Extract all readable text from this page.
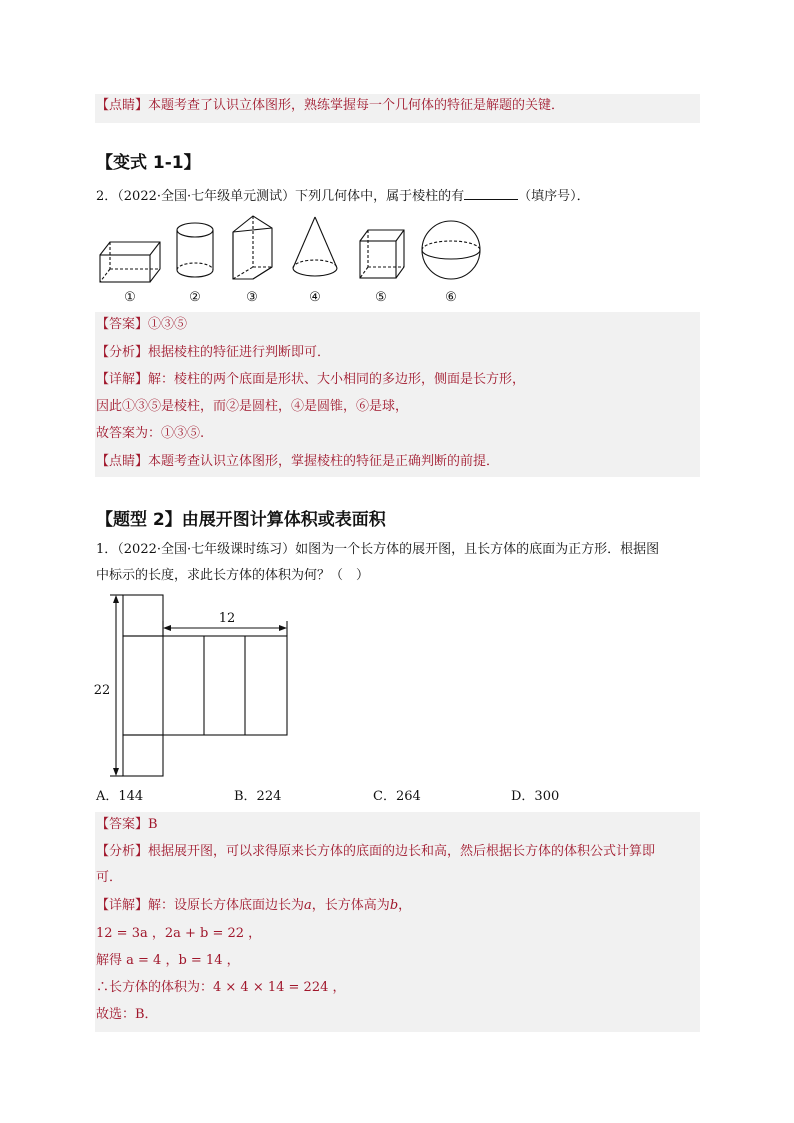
【点睛】本题考查了认识立体图形，熟练掌握每一个几何体的特征是解题的关键．
【变式 1-1】
2．（2022·全国·七年级单元测试）下列几何体中，属于棱柱的有	（填序号）．
①	②	③	④	⑤	⑥
【答案】①③⑤
【分析】根据棱柱的特征进行判断即可．
【详解】解：棱柱的两个底面是形状、大小相同的多边形，侧面是长方形，
因此①③⑤是棱柱，而②是圆柱，④是圆锥，⑥是球，
故答案为：①③⑤.
【点睛】本题考查认识立体图形，掌握棱柱的特征是正确判断的前提．
【题型 2】由展开图计算体积或表面积
1．（2022·全国·七年级课时练习）如图为一个长方体的展开图，且长方体的底面为正方形．根据图
中标示的长度，求此长方体的体积为何？（　）
12
22
A．144	B．224	C．264	D．300
【答案】B
【分析】根据展开图，可以求得原来长方体的底面的边长和高，然后根据长方体的体积公式计算即
可．
【详解】解：设原长方体底面边长为a，长方体高为b，
12 = 3a ，2a + b = 22 ，
解得 a = 4 ，b = 14 ，
∴长方体的体积为：4 × 4 × 14 = 224 ，
故选：B．
